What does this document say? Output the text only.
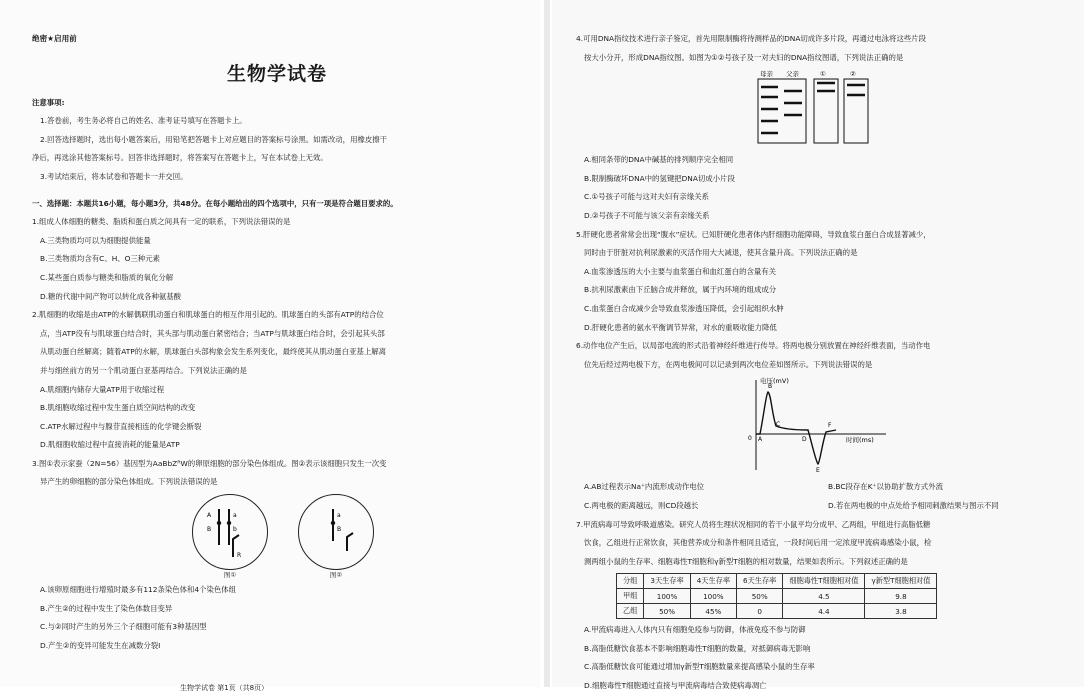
绝密★启用前
生物学试卷
注意事项:
1.答卷前，考生务必将自己的姓名、准考证号填写在答题卡上。
2.回答选择题时，选出每小题答案后，用铅笔把答题卡上对应题目的答案标号涂黑。如需改动，用橡皮擦干
净后，再选涂其他答案标号。回答非选择题时，将答案写在答题卡上，写在本试卷上无效。
3.考试结束后，将本试卷和答题卡一并交回。
一、选择题：本题共16小题，每小题3分，共48分。在每小题给出的四个选项中，只有一项是符合题目要求的。
1.组成人体细胞的糖类、脂质和蛋白质之间具有一定的联系，下列说法错误的是
A.三类物质均可以为细胞提供能量
B.三类物质均含有C、H、O三种元素
C.某些蛋白质参与糖类和脂质的氧化分解
D.糖的代谢中间产物可以转化成各种氨基酸
2.肌细胞的收缩是由ATP的水解偶联肌动蛋白和肌球蛋白的相互作用引起的。肌球蛋白的头部有ATP的结合位
点，当ATP没有与肌球蛋白结合时，其头部与肌动蛋白紧密结合；当ATP与肌球蛋白结合时，会引起其头部
从肌动蛋白丝解离；随着ATP的水解，肌球蛋白头部构象会发生系列变化，最终使其从肌动蛋白亚基上解离
并与细丝前方的另一个肌动蛋白亚基再结合。下列说法正确的是
A.肌细胞内储存大量ATP用于收缩过程
B.肌细胞收缩过程中发生蛋白质空间结构的改变
C.ATP水解过程中与腺苷直接相连的化学键会断裂
D.肌细胞收缩过程中直接消耗的能量是ATP
3.图①表示家蚕（2N=56）基因型为AaBbZᴿW的卵原细胞的部分染色体组成。图②表示该细胞只发生一次变
异产生的卵细胞的部分染色体组成。下列说法错误的是
A
B
a
b
R
图①
a
B
图②
A.该卵原细胞进行增殖时最多有112条染色体和4个染色体组
B.产生②的过程中发生了染色体数目变异
C.与②同时产生的另外三个子细胞可能有3种基因型
D.产生②的变异可能发生在减数分裂Ⅰ
生物学试卷 第1页（共8页）
4.可用DNA指纹技术进行亲子鉴定，首先用限制酶将待测样品的DNA切成许多片段，再通过电泳将这些片段
按大小分开，形成DNA指纹图。如图为①②号孩子及一对夫妇的DNA指纹图谱，下列说法正确的是
母亲 父亲	①	②
A.相同条带的DNA中碱基的排列顺序完全相同
B.限制酶破坏DNA中的氢键把DNA切成小片段
C.①号孩子可能与这对夫妇有亲缘关系
D.②号孩子不可能与该父亲有亲缘关系
5.肝硬化患者常常会出现“腹水”症状。已知肝硬化患者体内肝细胞功能障碍，导致血浆白蛋白合成显著减少，
同时由于肝脏对抗利尿激素的灭活作用大大减退，使其含量升高。下列说法正确的是
A.血浆渗透压的大小主要与血浆蛋白和血红蛋白的含量有关
B.抗利尿激素由下丘脑合成并释放，属于内环境的组成成分
C.血浆蛋白合成减少会导致血浆渗透压降低，会引起组织水肿
D.肝硬化患者的氨水平衡调节异常，对水的重吸收能力降低
6.动作电位产生后，以局部电流的形式沿着神经纤维进行传导。将两电极分别放置在神经纤维表面，当动作电
位先后经过两电极下方，在两电极间可以记录到两次电位差如图所示。下列说法错误的是
电压(mV)
时间(ms)
0 A
B
C
D
E
F
A.AB过程表示Na⁺内流形成动作电位	B.BC段存在K⁺以协助扩散方式外流
C.两电极的距离越远，则CD段越长	D.若在两电极的中点处给予相同刺激结果与图示不同
7.甲流病毒可导致呼吸道感染。研究人员将生理状况相同的若干小鼠平均分成甲、乙两组，甲组进行高脂低糖
饮食，乙组进行正常饮食，其他营养成分和条件相同且适宜，一段时间后用一定浓度甲流病毒感染小鼠，检
测两组小鼠的生存率、细胞毒性T细胞和γ新型T细胞的相对数量，结果如表所示。下列叙述正确的是
分组	3天生存率	4天生存率	6天生存率	细胞毒性T细胞相对值	γ新型T细胞相对值
甲组	100%	100%	50%	4.5	9.8
乙组	50%	45%	0	4.4	3.8
A.甲流病毒进入人体内只有细胞免疫参与防御，体液免疫不参与防御
B.高脂低糖饮食基本不影响细胞毒性T细胞的数量，对抵御病毒无影响
C.高脂低糖饮食可能通过增加γ新型T细胞数量来提高感染小鼠的生存率
D.细胞毒性T细胞通过直接与甲流病毒结合致使病毒凋亡
